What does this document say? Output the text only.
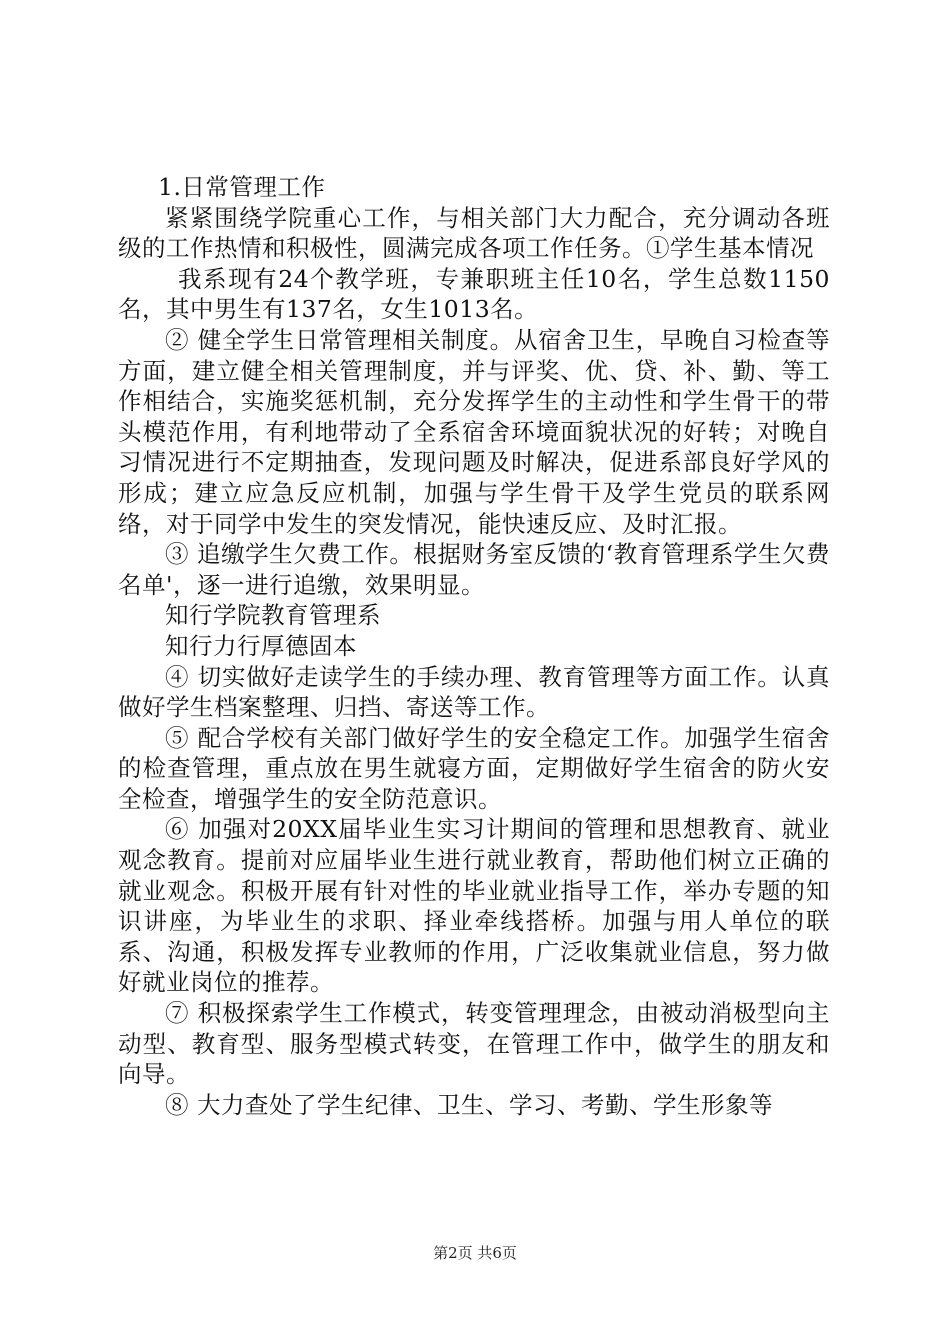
1.日常管理工作

紧紧围绕学院重心工作，与相关部门大力配合，充分调动各班级的工作热情和积极性，圆满完成各项工作任务。①学生基本情况

我系现有24个教学班，专兼职班主任10名，学生总数1150名，其中男生有137名，女生1013名。

② 健全学生日常管理相关制度。从宿舍卫生，早晚自习检查等方面，建立健全相关管理制度，并与评奖、优、贷、补、勤、等工作相结合，实施奖惩机制，充分发挥学生的主动性和学生骨干的带头模范作用，有利地带动了全系宿舍环境面貌状况的好转；对晚自习情况进行不定期抽查，发现问题及时解决，促进系部良好学风的形成；建立应急反应机制，加强与学生骨干及学生党员的联系网络，对于同学中发生的突发情况，能快速反应、及时汇报。

③ 追缴学生欠费工作。根据财务室反馈的‘教育管理系学生欠费名单'，逐一进行追缴，效果明显。

知行学院教育管理系

知行力行厚德固本

④ 切实做好走读学生的手续办理、教育管理等方面工作。认真做好学生档案整理、归挡、寄送等工作。

⑤ 配合学校有关部门做好学生的安全稳定工作。加强学生宿舍的检查管理，重点放在男生就寝方面，定期做好学生宿舍的防火安全检查，增强学生的安全防范意识。

⑥ 加强对20XX届毕业生实习计期间的管理和思想教育、就业观念教育。提前对应届毕业生进行就业教育，帮助他们树立正确的就业观念。积极开展有针对性的毕业就业指导工作，举办专题的知识讲座，为毕业生的求职、择业牵线搭桥。加强与用人单位的联系、沟通，积极发挥专业教师的作用，广泛收集就业信息，努力做好就业岗位的推荐。

⑦ 积极探索学生工作模式，转变管理理念，由被动消极型向主动型、教育型、服务型模式转变，在管理工作中，做学生的朋友和向导。

⑧ 大力查处了学生纪律、卫生、学习、考勤、学生形象等

第2页 共6页
